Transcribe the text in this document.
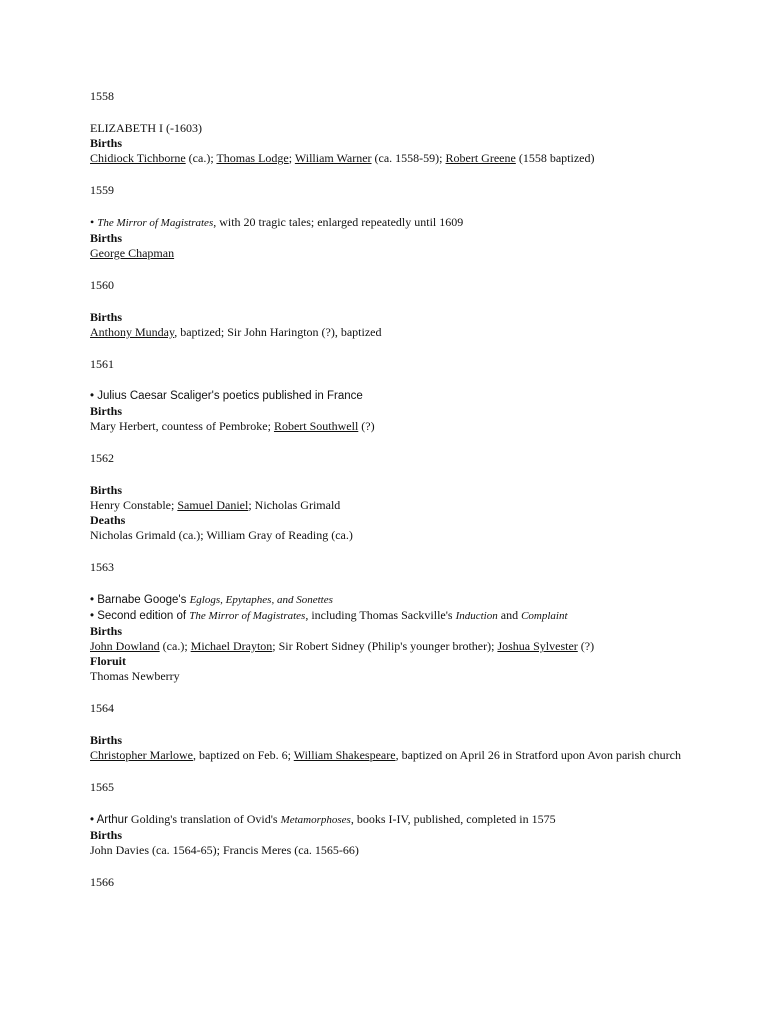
1558

ELIZABETH I (-1603)

Births

Chidiock Tichborne (ca.); Thomas Lodge; William Warner (ca. 1558-59); Robert Greene (1558 baptized)

1559

• The Mirror of Magistrates, with 20 tragic tales; enlarged repeatedly until 1609

Births

George Chapman

1560

Births

Anthony Munday, baptized; Sir John Harington (?), baptized

1561

• Julius Caesar Scaliger's poetics published in France

Births

Mary Herbert, countess of Pembroke; Robert Southwell (?)

1562

Births

Henry Constable; Samuel Daniel; Nicholas Grimald

Deaths

Nicholas Grimald (ca.); William Gray of Reading (ca.)

1563

• Barnabe Googe's Eglogs, Epytaphes, and Sonettes

• Second edition of The Mirror of Magistrates, including Thomas Sackville's Induction and Complaint

Births

John Dowland (ca.); Michael Drayton; Sir Robert Sidney (Philip's younger brother); Joshua Sylvester (?)

Floruit

Thomas Newberry

1564

Births

Christopher Marlowe, baptized on Feb. 6; William Shakespeare, baptized on April 26 in Stratford upon Avon parish church

1565

• Arthur Golding's translation of Ovid's Metamorphoses, books I-IV, published, completed in 1575

Births

John Davies (ca. 1564-65); Francis Meres (ca. 1565-66)

1566
